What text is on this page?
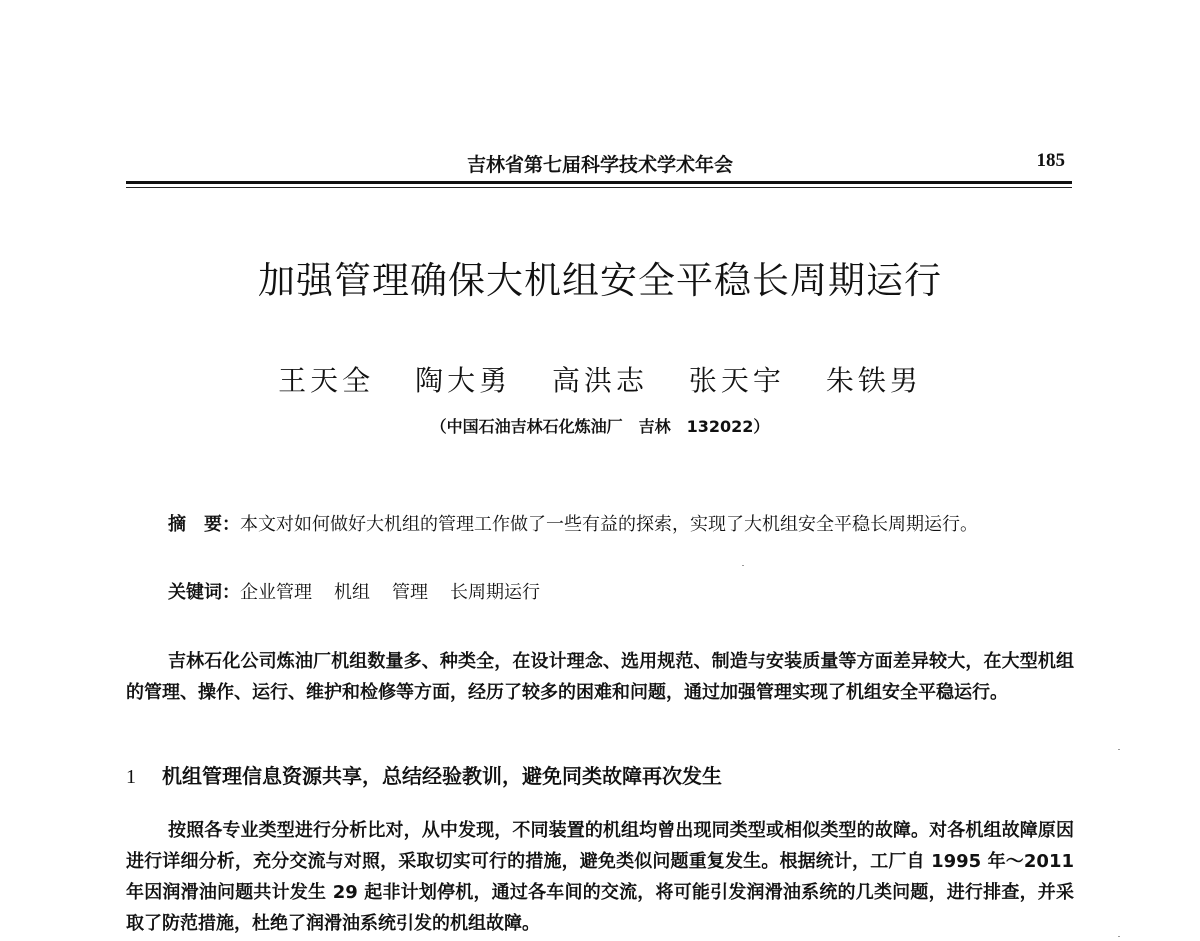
吉林省第七届科学技术学术年会	185
加强管理确保大机组安全平稳长周期运行
王天全 陶大勇 高洪志 张天宇 朱铁男
（中国石油吉林石化炼油厂　吉林　132022）
摘　要：本文对如何做好大机组的管理工作做了一些有益的探索，实现了大机组安全平稳长周期运行。
关键词：企业管理 机组 管理 长周期运行
吉林石化公司炼油厂机组数量多、种类全，在设计理念、选用规范、制造与安装质量等方面差异较大，在大型机组的管理、操作、运行、维护和检修等方面，经历了较多的困难和问题，通过加强管理实现了机组安全平稳运行。
1 机组管理信息资源共享，总结经验教训，避免同类故障再次发生
按照各专业类型进行分析比对，从中发现，不同装置的机组均曾出现同类型或相似类型的故障。对各机组故障原因进行详细分析，充分交流与对照，采取切实可行的措施，避免类似问题重复发生。根据统计，工厂自 1995 年～2011 年因润滑油问题共计发生 29 起非计划停机，通过各车间的交流，将可能引发润滑油系统的几类问题，进行排查，并采取了防范措施，杜绝了润滑油系统引发的机组故障。
